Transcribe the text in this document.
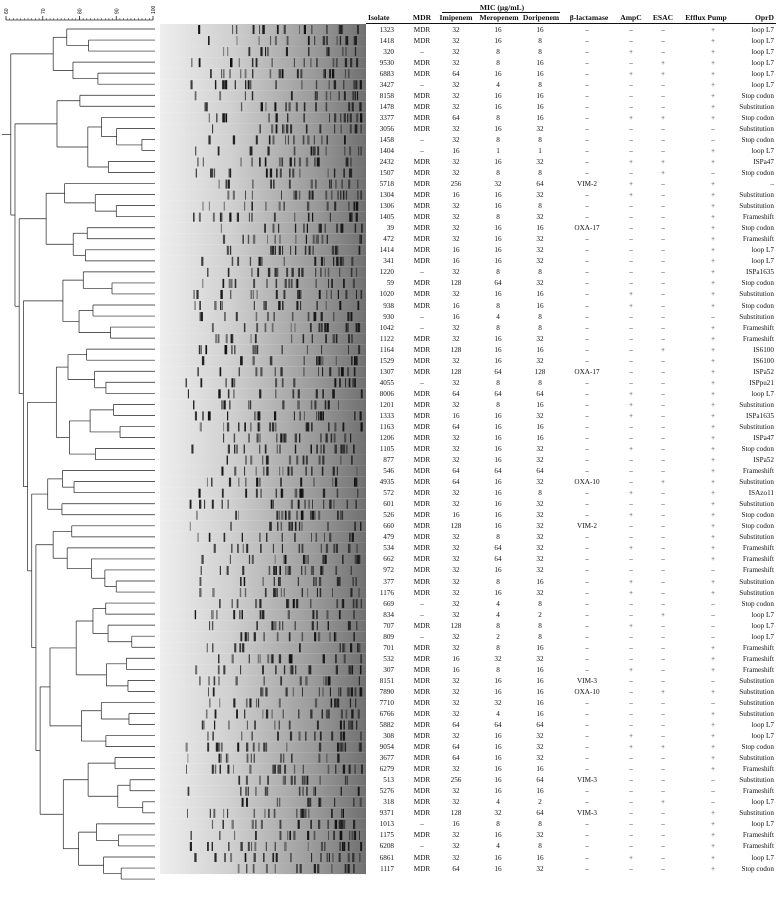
60	70	80	90	100
Isolate	MDR
MIC (µg/mL)
Imipenem Meropenem Doripenem	β-lactamase	AmpC	ESAC	Efflux Pump	OprD
1323	MDR	32	16	16	–	–	–	+	loop L7
1418	MDR	32	16	8	–	–	–	+	loop L7
320	–	32	8	8	–	+	–	+	loop L7
9530	MDR	32	8	16	–	–	+	+	loop L7
6883	MDR	64	16	16	–	+	+	+	loop L7
3427	–	32	4	8	–	–	–	+	loop L7
8158	MDR	32	16	16	–	–	–	+	Stop codon
1478	MDR	32	16	16	–	–	–	+	Substitution
3377	MDR	64	8	16	–	+	+	+	Stop codon
3056	MDR	32	16	32	–	–	–	–	Substitution
1458	–	32	8	8	–	–	–	–	Stop codon
1404	–	16	1	1	–	–	–	+	loop L7
2432	MDR	32	16	32	–	+	+	+	ISPa47
1507	MDR	32	8	8	–	–	+	–	Stop codon
5718	MDR	256	32	64	VIM-2	+	–	+	–
1304	MDR	16	16	32	–	+	–	+	Substitution
1306	MDR	32	16	8	–	–	–	+	Substitution
1405	MDR	32	8	32	–	–	–	+	Frameshift
39	MDR	32	16	16	OXA-17	–	–	+	Stop codon
472	MDR	32	16	32	–	–	–	+	Frameshift
1414	MDR	16	16	32	–	–	–	+	loop L7
341	MDR	16	16	32	–	–	–	+	loop L7
1220	–	32	8	8	–	–	–	+	ISPa1635
59	MDR	128	64	32	–	–	–	+	Stop codon
1020	MDR	32	16	16	–	+	–	+	Substitution
938	MDR	16	8	16	–	+	–	+	Stop codon
930	–	16	4	8	–	–	–	–	Substitution
1042	–	32	8	8	–	–	–	+	Frameshift
1122	MDR	32	16	32	–	–	–	+	Frameshift
1164	MDR	128	16	16	–	–	+	+	IS6100
1529	MDR	32	16	32	–	–	–	+	IS6100
1307	MDR	128	64	128	OXA-17	–	–	+	ISPa52
4055	–	32	8	8	–	–	–	+	ISPpu21
8006	MDR	64	64	64	–	+	–	+	loop L7
1201	MDR	32	8	16	–	+	–	+	Substitution
1333	MDR	16	16	32	–	+	–	+	ISPa1635
1163	MDR	64	16	16	–	–	–	+	Substitution
1206	MDR	32	16	16	–	–	–	+	ISPa47
1105	MDR	32	16	32	–	+	–	+	Stop codon
877	MDR	32	16	32	–	–	–	+	ISPa52
546	MDR	64	64	64	–	–	–	+	Frameshift
4935	MDR	64	16	32	OXA-10	–	+	+	Substitution
572	MDR	32	16	8	–	+	–	+	ISAzo11
601	MDR	32	16	32	–	–	–	+	Substitution
526	MDR	16	16	32	–	+	–	+	Stop codon
660	MDR	128	16	32	VIM-2	–	–	+	Stop codon
479	MDR	32	8	32	–	–	–	+	Substitution
534	MDR	32	64	32	–	+	–	+	Frameshift
662	MDR	32	64	32	–	–	–	+	Frameshift
972	MDR	32	16	32	–	–	–	–	Frameshift
377	MDR	32	8	16	–	+	–	+	Substitution
1176	MDR	32	16	32	–	+	–	+	Substitution
669	–	32	4	8	–	–	–	–	Stop codon
834	–	32	4	2	–	–	+	–	loop L7
707	MDR	128	8	8	–	+	–	–	loop L7
809	–	32	2	8	–	–	–	–	loop L7
701	MDR	32	8	16	–	–	–	+	Frameshift
532	MDR	16	32	32	–	–	–	+	Frameshift
307	MDR	16	8	16	–	+	–	+	Frameshift
8151	MDR	32	16	16	VIM-3	–	–	–	Substitution
7890	MDR	32	16	16	OXA-10	–	+	+	Substitution
7710	MDR	32	32	16	–	–	–	–	Substitution
6766	MDR	32	4	16	–	–	–	+	Substitution
5882	MDR	64	64	64	–	–	–	+	loop L7
308	MDR	32	16	32	–	+	–	+	loop L7
9054	MDR	64	16	32	–	+	+	+	Stop codon
3677	MDR	64	16	32	–	–	–	+	Substitution
6279	MDR	32	16	16	–	–	–	+	Frameshift
513	MDR	256	16	64	VIM-3	–	–	–	Substitution
5276	MDR	32	16	16	–	–	–	–	Frameshift
318	MDR	32	4	2	–	–	+	–	loop L7
9371	MDR	128	32	64	VIM-3	–	–	+	Substitution
1013	–	16	8	8	–	–	–	+	loop L7
1175	MDR	32	16	32	–	–	–	+	Frameshift
6208	–	32	4	8	–	–	–	+	Frameshift
6861	MDR	32	16	16	–	+	–	+	loop L7
1117	MDR	64	16	32	–	–	–	+	Stop codon
